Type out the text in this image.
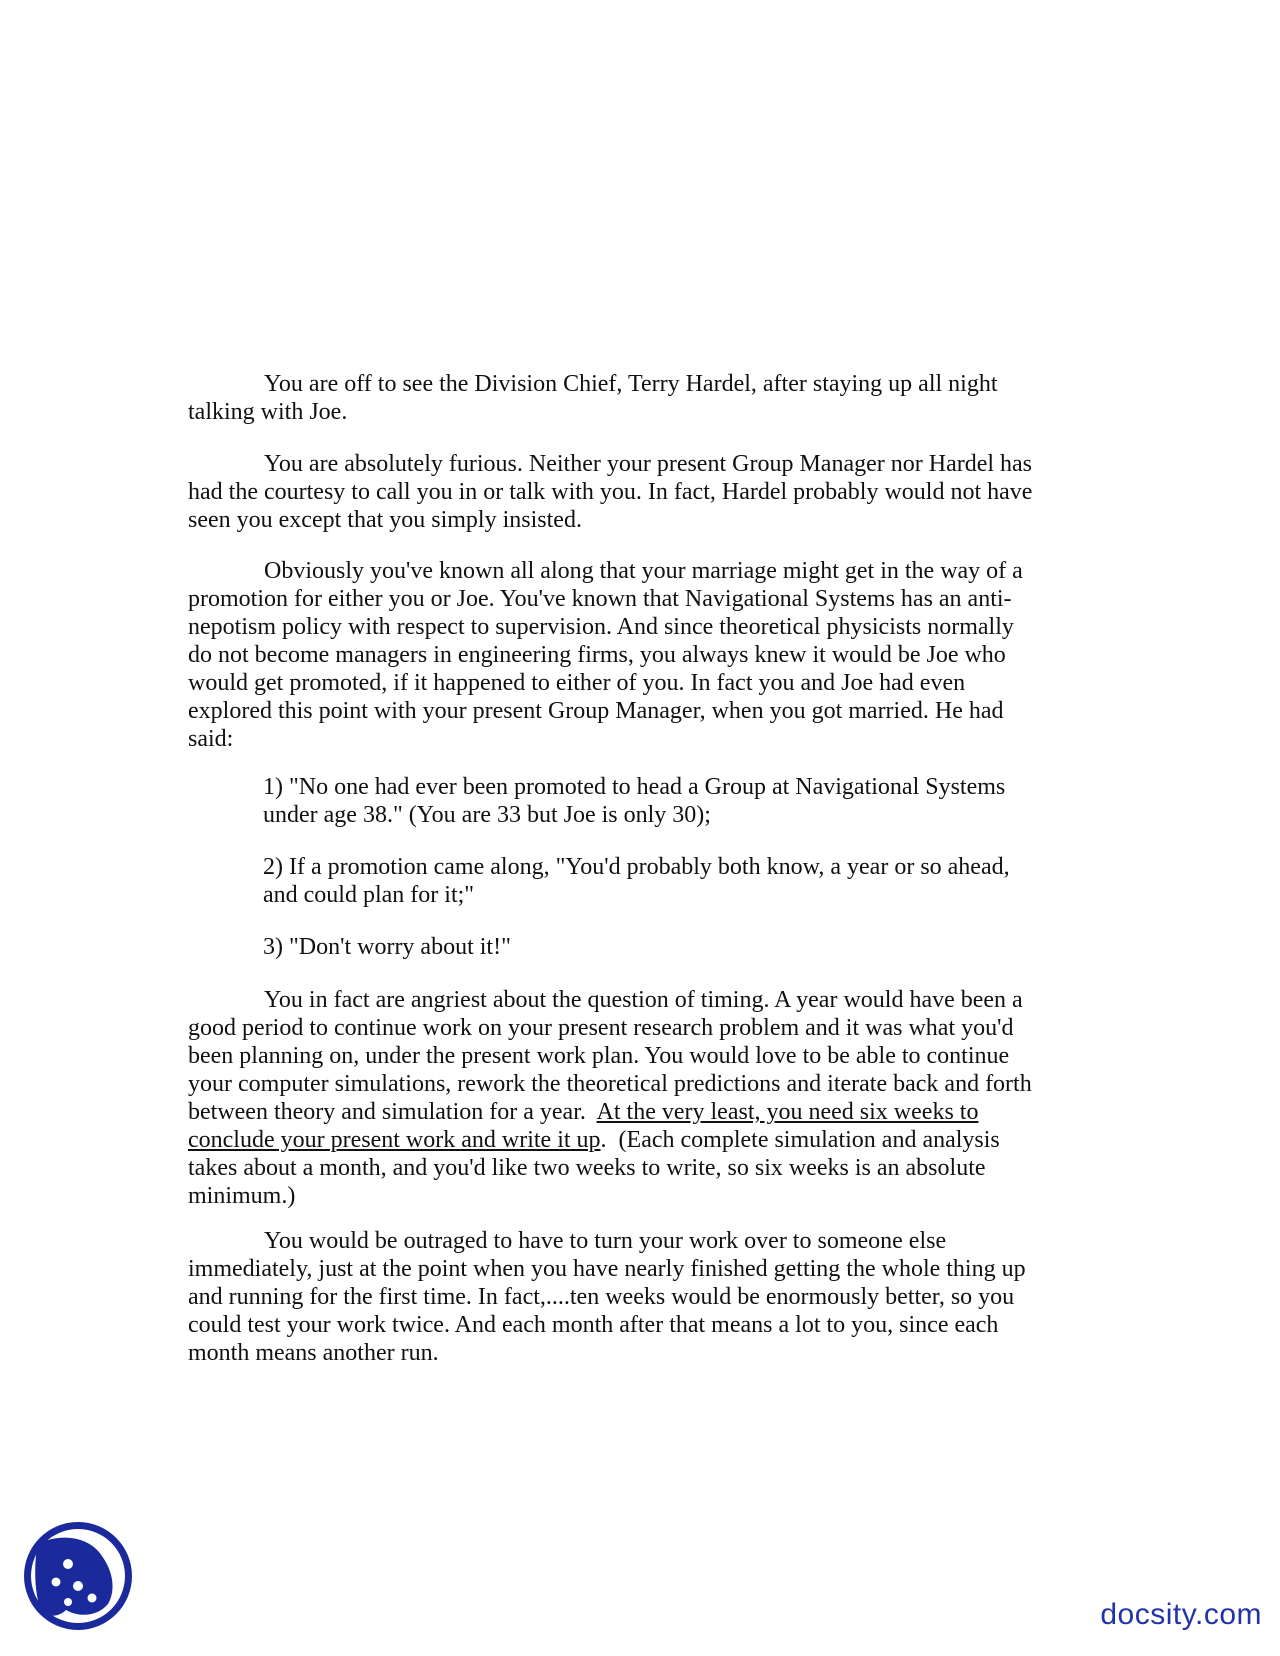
You are off to see the Division Chief, Terry Hardel, after staying up all night
talking with Joe.

You are absolutely furious. Neither your present Group Manager nor Hardel has
had the courtesy to call you in or talk with you. In fact, Hardel probably would not have
seen you except that you simply insisted.

Obviously you've known all along that your marriage might get in the way of a
promotion for either you or Joe. You've known that Navigational Systems has an anti-
nepotism policy with respect to supervision. And since theoretical physicists normally
do not become managers in engineering firms, you always knew it would be Joe who
would get promoted, if it happened to either of you. In fact you and Joe had even
explored this point with your present Group Manager, when you got married. He had
said:

1) "No one had ever been promoted to head a Group at Navigational Systems
under age 38." (You are 33 but Joe is only 30);

2) If a promotion came along, "You'd probably both know, a year or so ahead,
and could plan for it;"

3) "Don't worry about it!"

You in fact are angriest about the question of timing. A year would have been a
good period to continue work on your present research problem and it was what you'd
been planning on, under the present work plan. You would love to be able to continue
your computer simulations, rework the theoretical predictions and iterate back and forth
between theory and simulation for a year.  At the very least, you need six weeks to
conclude your present work and write it up.  (Each complete simulation and analysis
takes about a month, and you'd like two weeks to write, so six weeks is an absolute
minimum.)

You would be outraged to have to turn your work over to someone else
immediately, just at the point when you have nearly finished getting the whole thing up
and running for the first time. In fact,....ten weeks would be enormously better, so you
could test your work twice. And each month after that means a lot to you, since each
month means another run.

docsity.com
